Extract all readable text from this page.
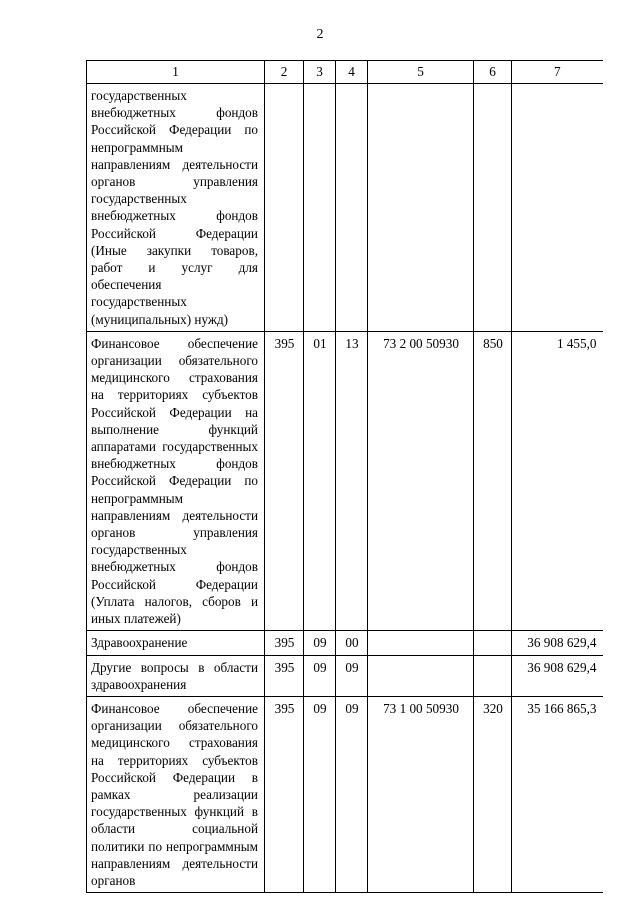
2
1	2	3	4	5	6	7
государственных внебюджетных фондов Российской Федерации по непрограммным направлениям деятельности органов управления государственных внебюджетных фондов Российской Федерации (Иные закупки товаров, работ и услуг для обеспечения государственных (муниципальных) нужд)						
Финансовое обеспечение организации обязательного медицинского страхования на территориях субъектов Российской Федерации на выполнение функций аппаратами государственных внебюджетных фондов Российской Федерации по непрограммным направлениям деятельности органов управления государственных внебюджетных фондов Российской Федерации (Уплата налогов, сборов и иных платежей)	395	01	13	73 2 00 50930	850	1 455,0
Здравоохранение	395	09	00			36 908 629,4
Другие вопросы в области здравоохранения	395	09	09			36 908 629,4
Финансовое обеспечение организации обязательного медицинского страхования на территориях субъектов Российской Федерации в рамках реализации государственных функций в области социальной политики по непрограммным направлениям деятельности органов	395	09	09	73 1 00 50930	320	35 166 865,3
